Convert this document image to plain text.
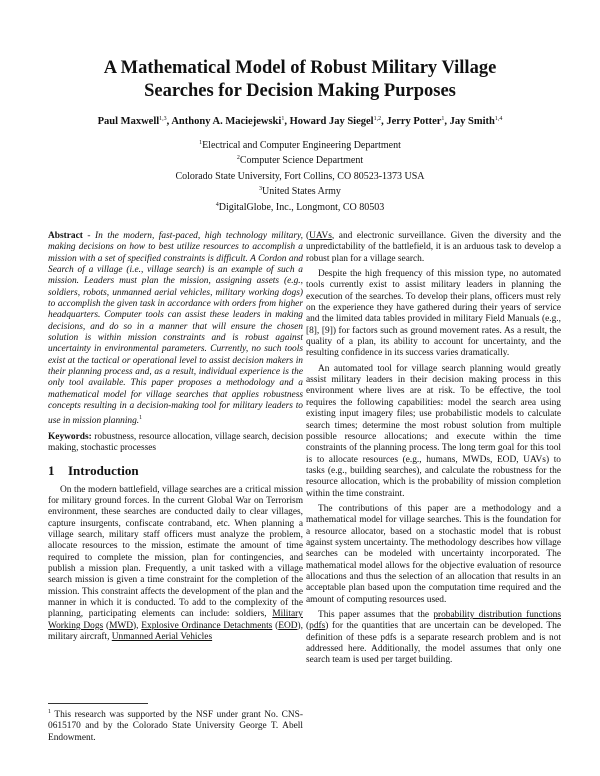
A Mathematical Model of Robust Military Village
Searches for Decision Making Purposes
Paul Maxwell$^{1,3}$, Anthony A. Maciejewski$^1$, Howard Jay Siegel$^{1,2}$, Jerry Potter$^1$, Jay Smith$^{1,4}$
$^1$Electrical and Computer Engineering Department
$^2$Computer Science Department
Colorado State University, Fort Collins, CO 80523-1373 USA
$^3$United States Army
$^4$DigitalGlobe, Inc., Longmont, CO 80503

Abstract - In the modern, fast-paced, high technology military, making decisions on how to best utilize resources to accomplish a mission with a set of specified constraints is difficult. A Cordon and Search of a village (i.e., village search) is an example of such a mission. Leaders must plan the mission, assigning assets (e.g., soldiers, robots, unmanned aerial vehicles, military working dogs) to accomplish the given task in accordance with orders from higher headquarters. Computer tools can assist these leaders in making decisions, and do so in a manner that will ensure the chosen solution is within mission constraints and is robust against uncertainty in environmental parameters. Currently, no such tools exist at the tactical or operational level to assist decision makers in their planning process and, as a result, individual experience is the only tool available. This paper proposes a methodology and a mathematical model for village searches that applies robustness concepts resulting in a decision-making tool for military leaders to use in mission planning.$^1$

Keywords: robustness, resource allocation, village search, decision making, stochastic processes

1 Introduction

On the modern battlefield, village searches are a critical mission for military ground forces. In the current Global War on Terrorism environment, these searches are conducted daily to clear villages, capture insurgents, confiscate contraband, etc. When planning a village search, military staff officers must analyze the problem, allocate resources to the mission, estimate the amount of time required to complete the mission, plan for contingencies, and publish a mission plan. Frequently, a unit tasked with a village search mission is given a time constraint for the completion of the mission. This constraint affects the development of the plan and the manner in which it is conducted. To add to the complexity of the planning, participating elements can include: soldiers, Military Working Dogs (MWD), Explosive Ordinance Detachments (EOD), military aircraft, Unmanned Aerial Vehicles

(UAVs, and electronic surveillance. Given the diversity and the unpredictability of the battlefield, it is an arduous task to develop a robust plan for a village search.

Despite the high frequency of this mission type, no automated tools currently exist to assist military leaders in planning the execution of the searches. To develop their plans, officers must rely on the experience they have gathered during their years of service and the limited data tables provided in military Field Manuals (e.g., [8], [9]) for factors such as ground movement rates. As a result, the quality of a plan, its ability to account for uncertainty, and the resulting confidence in its success varies dramatically.

An automated tool for village search planning would greatly assist military leaders in their decision making process in this environment where lives are at risk. To be effective, the tool requires the following capabilities: model the search area using existing input imagery files; use probabilistic models to calculate search times; determine the most robust solution from multiple possible resource allocations; and execute within the time constraints of the planning process. The long term goal for this tool is to allocate resources (e.g., humans, MWDs, EOD, UAVs) to tasks (e.g., building searches), and calculate the robustness for the resource allocation, which is the probability of mission completion within the time constraint.

The contributions of this paper are a methodology and a mathematical model for village searches. This is the foundation for a resource allocator, based on a stochastic model that is robust against system uncertainty. The methodology describes how village searches can be modeled with uncertainty incorporated. The mathematical model allows for the objective evaluation of resource allocations and thus the selection of an allocation that results in an acceptable plan based upon the computation time required and the amount of computing resources used.

This paper assumes that the probability distribution functions (pdfs) for the quantities that are uncertain can be developed. The definition of these pdfs is a separate research problem and is not addressed here. Additionally, the model assumes that only one search team is used per target building.

$^1$ This research was supported by the NSF under grant No. CNS-0615170 and by the Colorado State University George T. Abell Endowment.
